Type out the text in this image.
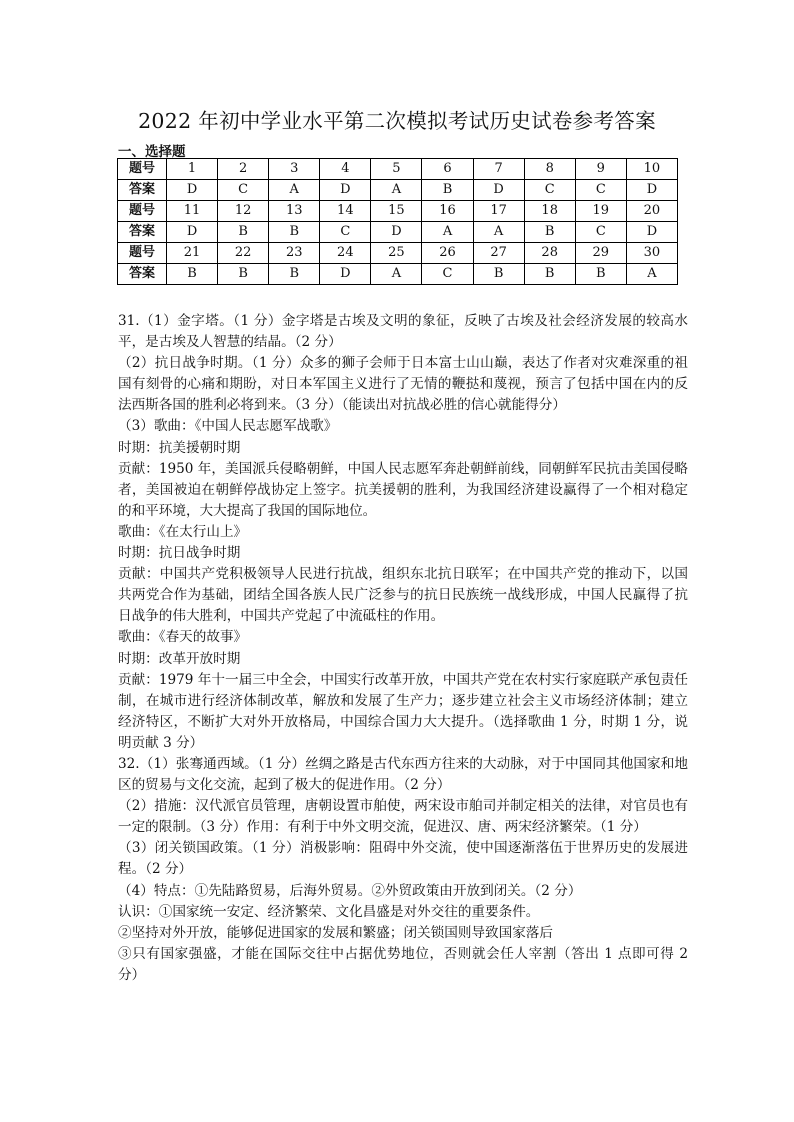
2022 年初中学业水平第二次模拟考试历史试卷参考答案
一、选择题
题号	1	2	3	4	5	6	7	8	9	10
答案	D	C	A	D	A	B	D	C	C	D
题号	11	12	13	14	15	16	17	18	19	20
答案	D	B	B	C	D	A	A	B	C	D
题号	21	22	23	24	25	26	27	28	29	30
答案	B	B	B	D	A	C	B	B	B	A

31.（1）金字塔。（1 分）金字塔是古埃及文明的象征，反映了古埃及社会经济发展的较高水平，是古埃及人智慧的结晶。（2 分）

（2）抗日战争时期。（1 分）众多的狮子会师于日本富士山山巅，表达了作者对灾难深重的祖国有刻骨的心痛和期盼，对日本军国主义进行了无情的鞭挞和蔑视，预言了包括中国在内的反法西斯各国的胜利必将到来。（3 分）（能读出对抗战必胜的信心就能得分）

（3）歌曲：《中国人民志愿军战歌》

时期：抗美援朝时期

贡献：1950 年，美国派兵侵略朝鲜，中国人民志愿军奔赴朝鲜前线，同朝鲜军民抗击美国侵略者，美国被迫在朝鲜停战协定上签字。抗美援朝的胜利，为我国经济建设赢得了一个相对稳定的和平环境，大大提高了我国的国际地位。

歌曲：《在太行山上》

时期：抗日战争时期

贡献：中国共产党积极领导人民进行抗战，组织东北抗日联军；在中国共产党的推动下，以国共两党合作为基础，团结全国各族人民广泛参与的抗日民族统一战线形成，中国人民赢得了抗日战争的伟大胜利，中国共产党起了中流砥柱的作用。

歌曲：《春天的故事》

时期：改革开放时期

贡献：1979 年十一届三中全会，中国实行改革开放，中国共产党在农村实行家庭联产承包责任制，在城市进行经济体制改革，解放和发展了生产力；逐步建立社会主义市场经济体制；建立经济特区，不断扩大对外开放格局，中国综合国力大大提升。（选择歌曲 1 分，时期 1 分，说明贡献 3 分）

32.（1）张骞通西域。（1 分）丝绸之路是古代东西方往来的大动脉，对于中国同其他国家和地区的贸易与文化交流，起到了极大的促进作用。（2 分）

（2）措施：汉代派官员管理，唐朝设置市舶使，两宋设市舶司并制定相关的法律，对官员也有一定的限制。（3 分）作用：有利于中外文明交流，促进汉、唐、两宋经济繁荣。（1 分）

（3）闭关锁国政策。（1 分）消极影响：阻碍中外交流，使中国逐渐落伍于世界历史的发展进程。（2 分）

（4）特点：①先陆路贸易，后海外贸易。②外贸政策由开放到闭关。（2 分）

认识：①国家统一安定、经济繁荣、文化昌盛是对外交往的重要条件。

②坚持对外开放，能够促进国家的发展和繁盛；闭关锁国则导致国家落后

③只有国家强盛，才能在国际交往中占据优势地位，否则就会任人宰割（答出 1 点即可得 2 分）
